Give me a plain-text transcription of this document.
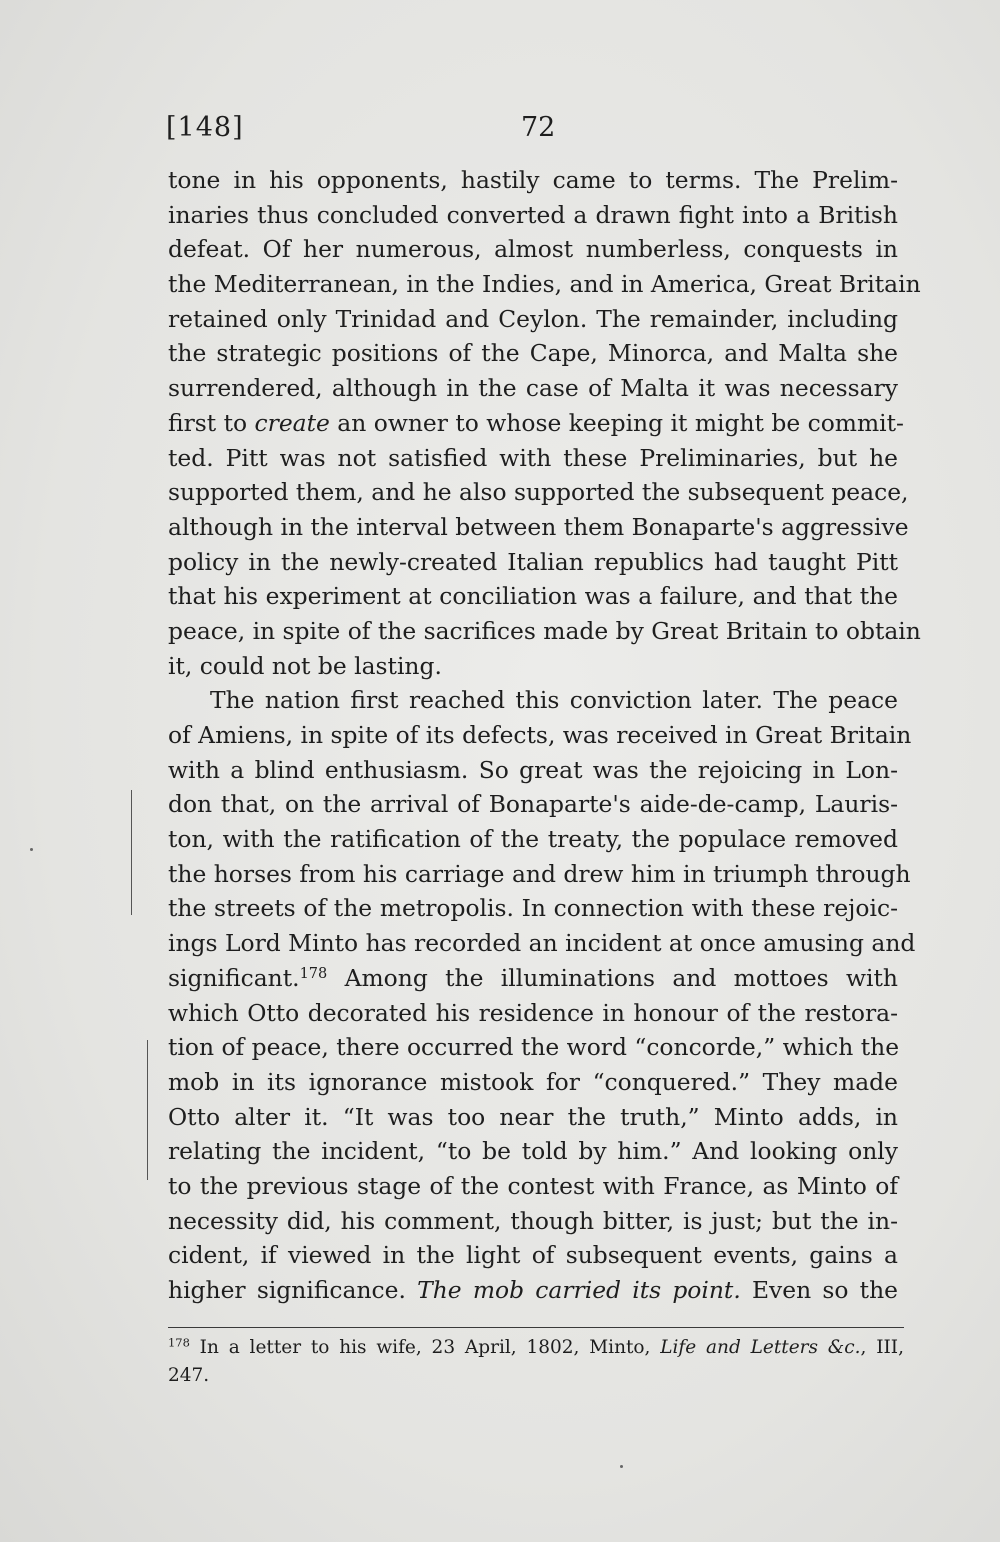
[148]	72
tone in his opponents, hastily came to terms. The Prelim-
inaries thus concluded converted a drawn fight into a British
defeat. Of her numerous, almost numberless, conquests in
the Mediterranean, in the Indies, and in America, Great Britain
retained only Trinidad and Ceylon. The remainder, including
the strategic positions of the Cape, Minorca, and Malta she
surrendered, although in the case of Malta it was necessary
first to create an owner to whose keeping it might be commit-
ted. Pitt was not satisfied with these Preliminaries, but he
supported them, and he also supported the subsequent peace,
although in the interval between them Bonaparte's aggressive
policy in the newly-created Italian republics had taught Pitt
that his experiment at conciliation was a failure, and that the
peace, in spite of the sacrifices made by Great Britain to obtain
it, could not be lasting.
The nation first reached this conviction later. The peace
of Amiens, in spite of its defects, was received in Great Britain
with a blind enthusiasm. So great was the rejoicing in Lon-
don that, on the arrival of Bonaparte's aide-de-camp, Lauris-
ton, with the ratification of the treaty, the populace removed
the horses from his carriage and drew him in triumph through
the streets of the metropolis. In connection with these rejoic-
ings Lord Minto has recorded an incident at once amusing and
significant.$^{178}$ Among the illuminations and mottoes with
which Otto decorated his residence in honour of the restora-
tion of peace, there occurred the word “concorde,” which the
mob in its ignorance mistook for “conquered.” They made
Otto alter it. “It was too near the truth,” Minto adds, in
relating the incident, “to be told by him.” And looking only
to the previous stage of the contest with France, as Minto of
necessity did, his comment, though bitter, is just; but the in-
cident, if viewed in the light of subsequent events, gains a
higher significance. The mob carried its point. Even so the
$^{178}$ In a letter to his wife, 23 April, 1802, Minto, Life and Letters &c., III,
247.
